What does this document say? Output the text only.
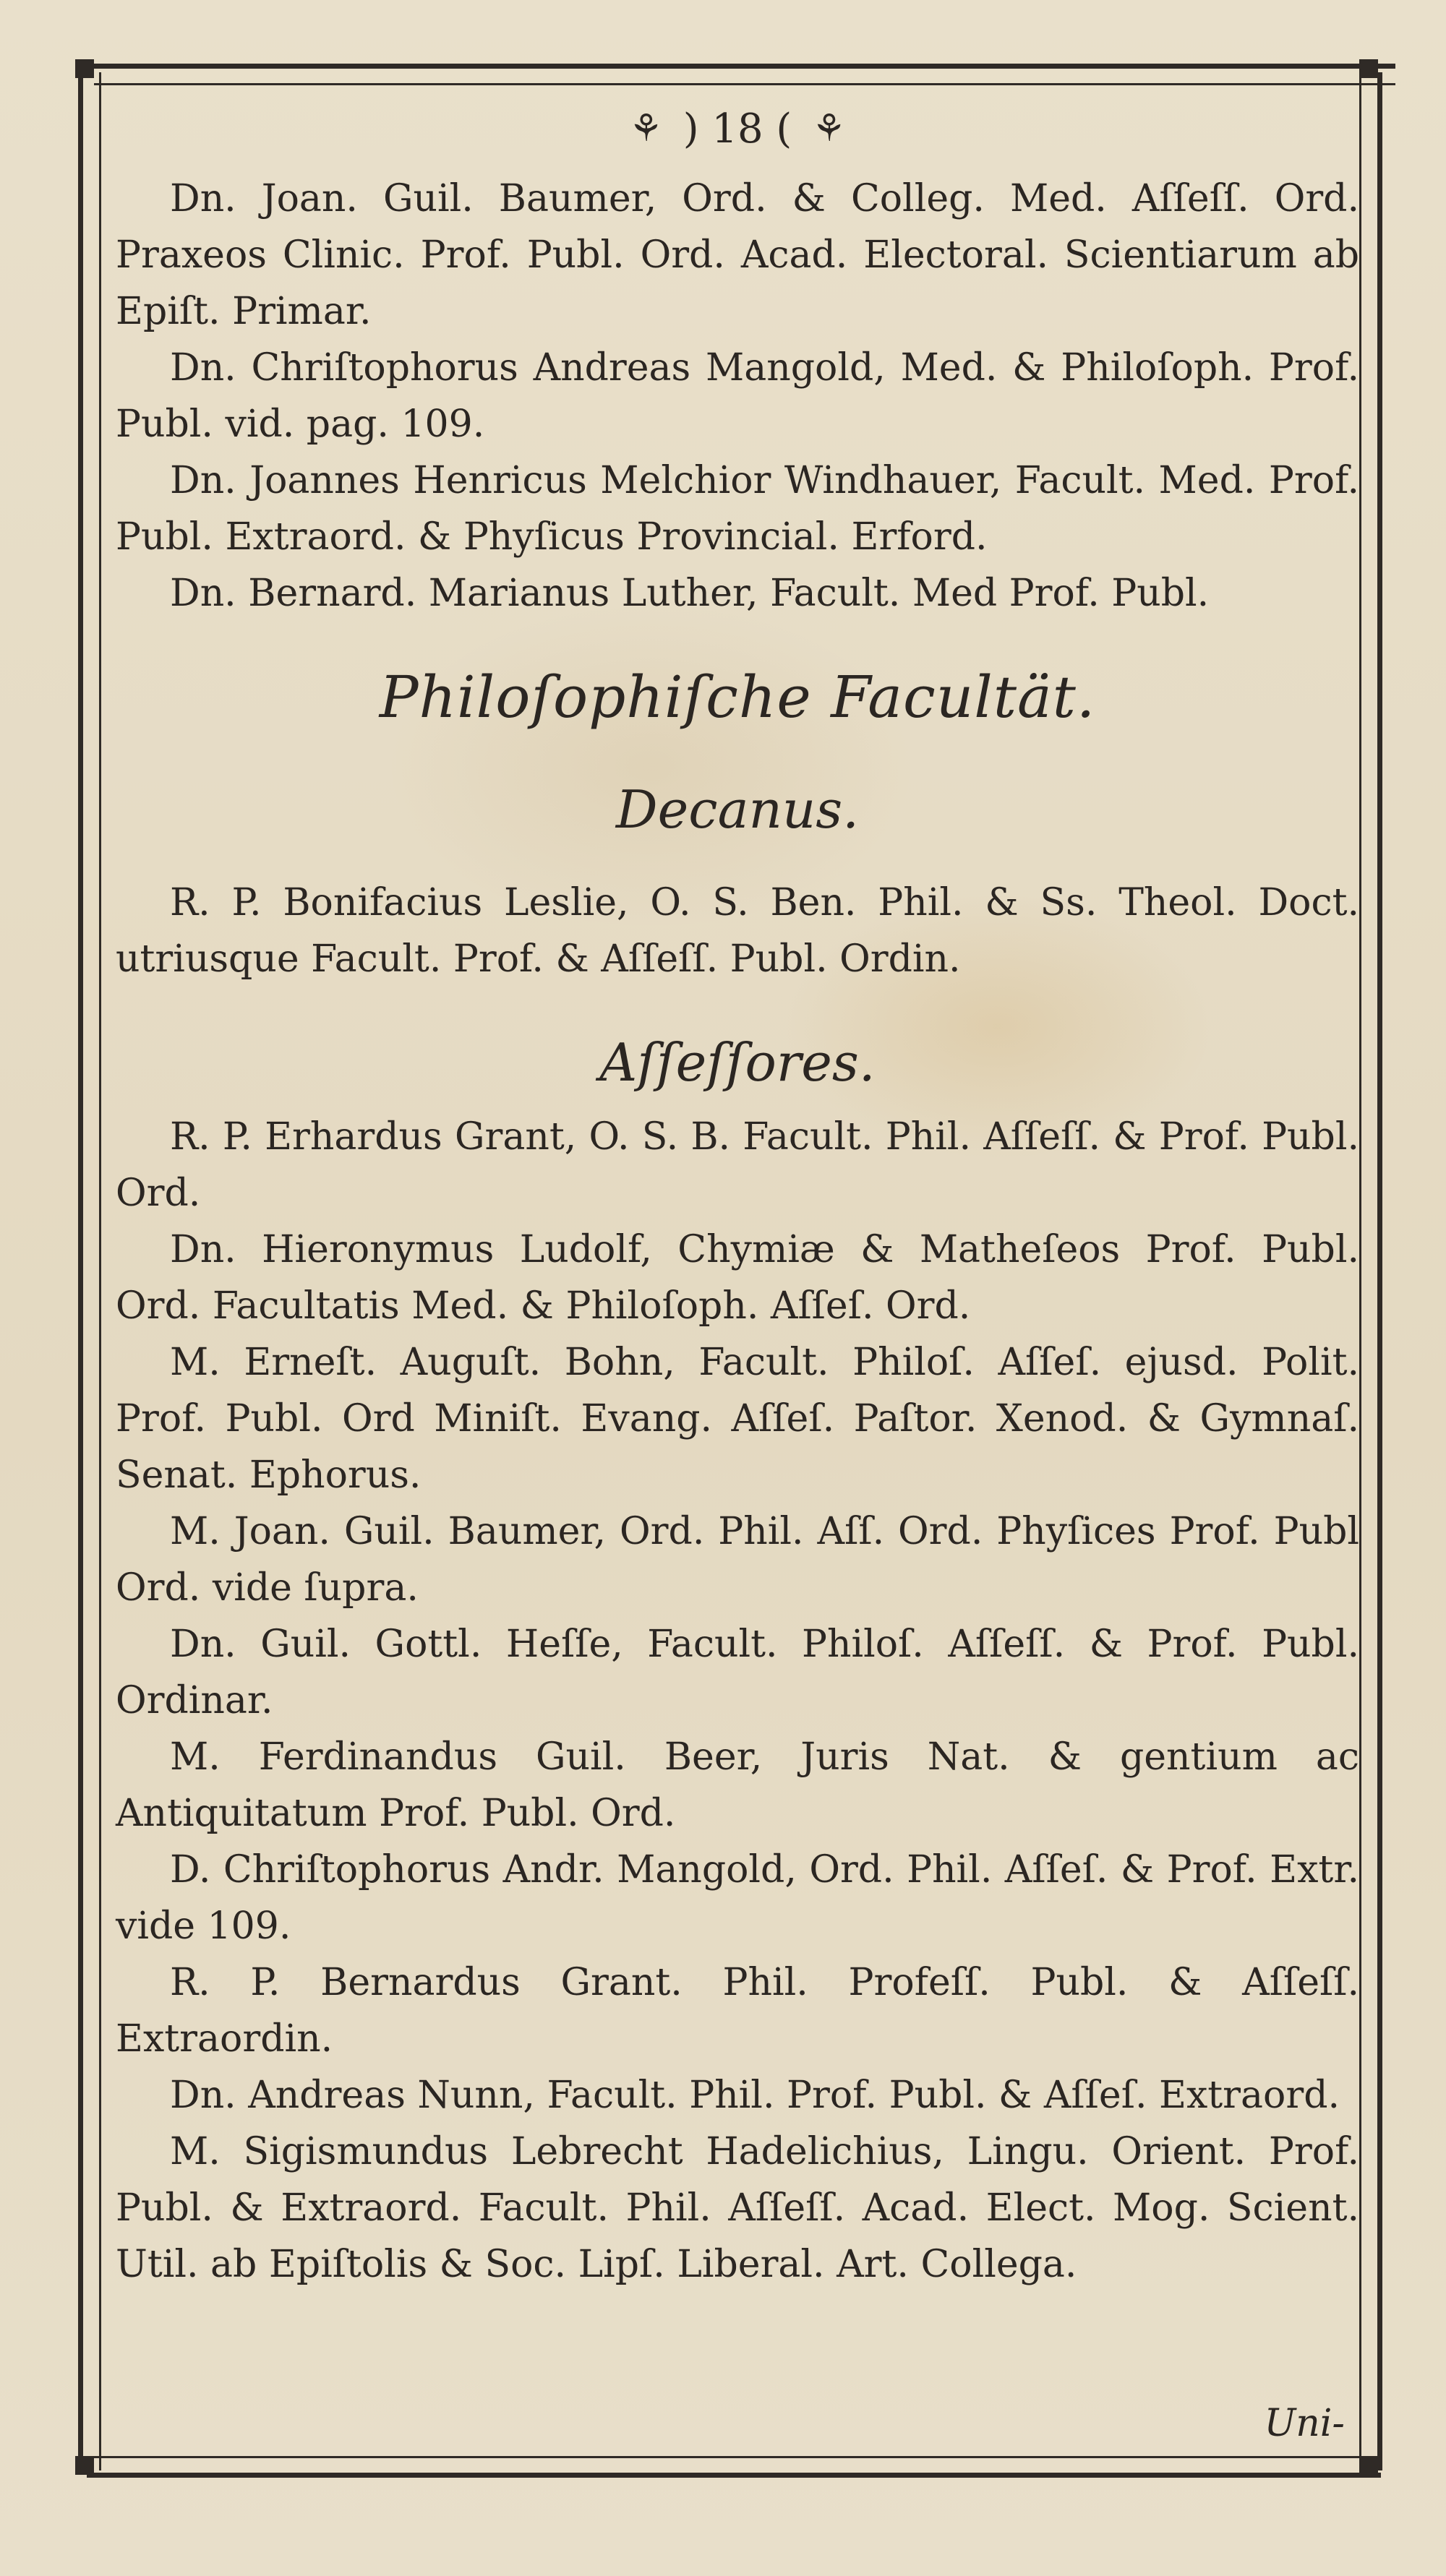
⚘ ) 18 ( ⚘

Dn. Joan. Guil. Baumer, Ord. & Colleg. Med. Aſſeſſ. Ord. Praxeos Clinic. Prof. Publ. Ord. Acad. Electoral. Scientiarum ab Epiſt. Primar.

Dn. Chriſtophorus Andreas Mangold, Med. & Philoſoph. Prof. Publ. vid. pag. 109.

Dn. Joannes Henricus Melchior Windhauer, Facult. Med. Prof. Publ. Extraord. & Phyſicus Provincial. Erford.

Dn. Bernard. Marianus Luther, Facult. Med Prof. Publ.

Philoſophiſche Facultät.
Decanus.

R. P. Bonifacius Leslie, O. S. Ben. Phil. & Ss. Theol. Doct. utriusque Facult. Prof. & Aſſeſſ. Publ. Ordin.

Aſſeſſores.

R. P. Erhardus Grant, O. S. B. Facult. Phil. Aſſeſſ. & Prof. Publ. Ord.

Dn. Hieronymus Ludolf, Chymiæ & Matheſeos Prof. Publ. Ord. Facultatis Med. & Philoſoph. Aſſeſ. Ord.

M. Erneſt. Auguſt. Bohn, Facult. Philoſ. Aſſeſ. ejusd. Polit. Prof. Publ. Ord Miniſt. Evang. Aſſeſ. Paſtor. Xenod. & Gymnaſ. Senat. Ephorus.

M. Joan. Guil. Baumer, Ord. Phil. Aſſ. Ord. Phyſices Prof. Publ Ord. vide ſupra.

Dn. Guil. Gottl. Heſſe, Facult. Philoſ. Aſſeſſ. & Prof. Publ. Ordinar.

M. Ferdinandus Guil. Beer, Juris Nat. & gentium ac Antiquitatum Prof. Publ. Ord.

D. Chriſtophorus Andr. Mangold, Ord. Phil. Aſſeſ. & Prof. Extr. vide 109.

R. P. Bernardus Grant. Phil. Profeſſ. Publ. & Aſſeſſ. Extraordin.

Dn. Andreas Nunn, Facult. Phil. Prof. Publ. & Aſſeſ. Extraord.

M. Sigismundus Lebrecht Hadelichius, Lingu. Orient. Prof. Publ. & Extraord. Facult. Phil. Aſſeſſ. Acad. Elect. Mog. Scient. Util. ab Epiſtolis & Soc. Lipſ. Liberal. Art. Collega.

Uni-
